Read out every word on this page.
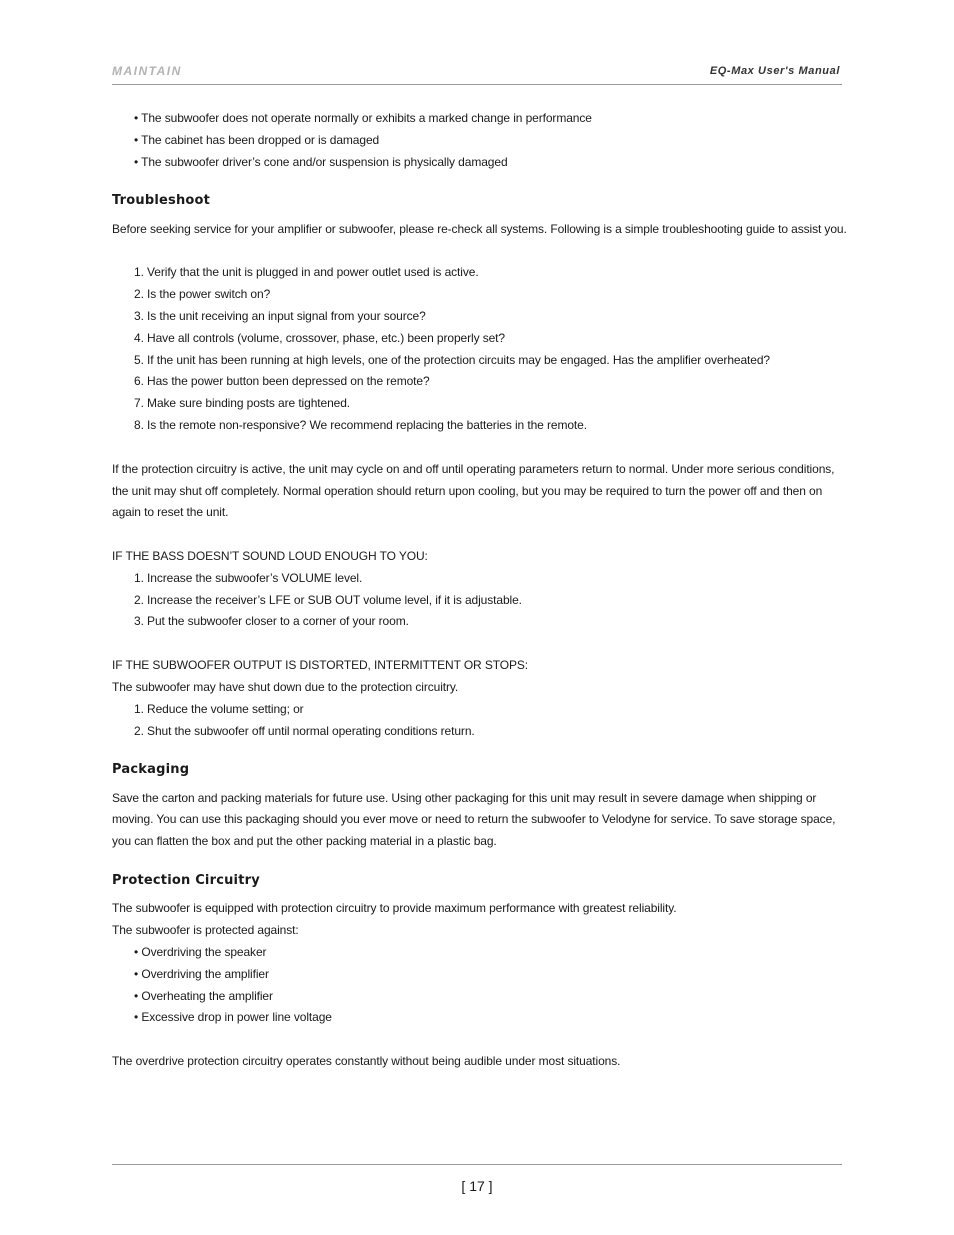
MAINTAIN	EQ-Max User's Manual
• The subwoofer does not operate normally or exhibits a marked change in performance
• The cabinet has been dropped or is damaged
• The subwoofer driver’s cone and/or suspension is physically damaged
Troubleshoot
Before seeking service for your amplifier or subwoofer, please re-check all systems. Following is a simple troubleshooting guide to assist you.
1. Verify that the unit is plugged in and power outlet used is active.
2. Is the power switch on?
3. Is the unit receiving an input signal from your source?
4. Have all controls (volume, crossover, phase, etc.) been properly set?
5. If the unit has been running at high levels, one of the protection circuits may be engaged. Has the amplifier overheated?
6. Has the power button been depressed on the remote?
7. Make sure binding posts are tightened.
8. Is the remote non-responsive? We recommend replacing the batteries in the remote.
If the protection circuitry is active, the unit may cycle on and off until operating parameters return to normal. Under more serious conditions,
the unit may shut off completely. Normal operation should return upon cooling, but you may be required to turn the power off and then on
again to reset the unit.
IF THE BASS DOESN’T SOUND LOUD ENOUGH TO YOU:
1. Increase the subwoofer’s VOLUME level.
2. Increase the receiver’s LFE or SUB OUT volume level, if it is adjustable.
3. Put the subwoofer closer to a corner of your room.
IF THE SUBWOOFER OUTPUT IS DISTORTED, INTERMITTENT OR STOPS:
The subwoofer may have shut down due to the protection circuitry.
1. Reduce the volume setting; or
2. Shut the subwoofer off until normal operating conditions return.
Packaging
Save the carton and packing materials for future use. Using other packaging for this unit may result in severe damage when shipping or
moving. You can use this packaging should you ever move or need to return the subwoofer to Velodyne for service. To save storage space,
you can flatten the box and put the other packing material in a plastic bag.
Protection Circuitry
The subwoofer is equipped with protection circuitry to provide maximum performance with greatest reliability.
The subwoofer is protected against:
• Overdriving the speaker
• Overdriving the amplifier
• Overheating the amplifier
• Excessive drop in power line voltage
The overdrive protection circuitry operates constantly without being audible under most situations.
[ 17 ]
